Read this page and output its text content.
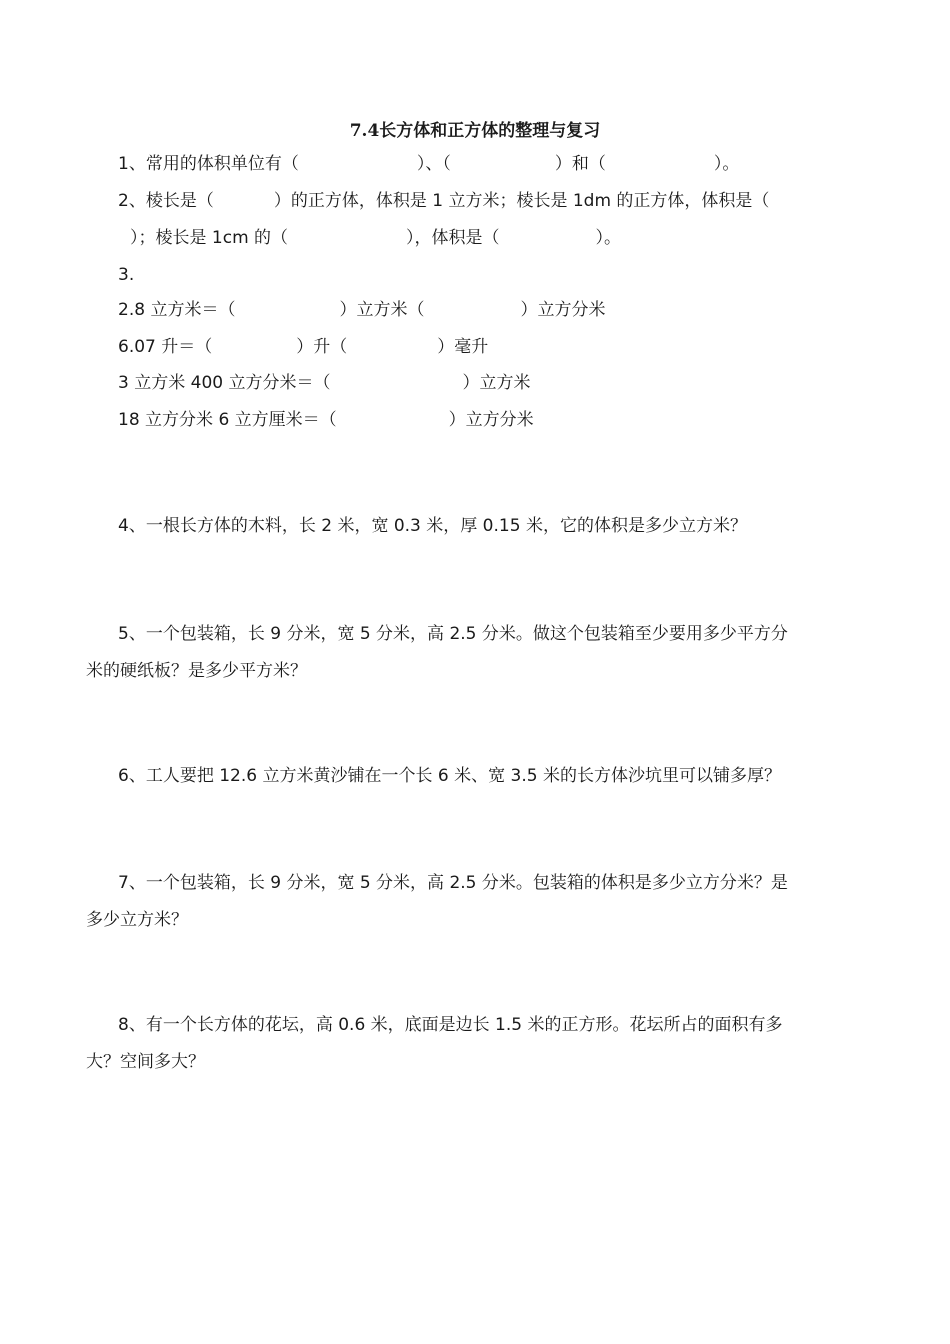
7.4长方体和正方体的整理与复习
1、常用的体积单位有（	）、（	）和（	）。
2、棱长是（	）的正方体，体积是 1 立方米；棱长是 1dm 的正方体，体积是（
）；棱长是 1cm 的（	），体积是（	）。
3.
2.8 立方米＝（	）立方米（	）立方分米
6.07 升＝（	）升（	）毫升
3 立方米 400 立方分米＝（	）立方米
18 立方分米 6 立方厘米＝（	）立方分米
4、一根长方体的木料，长 2 米，宽 0.3 米，厚 0.15 米，它的体积是多少立方米？
5、一个包装箱，长 9 分米，宽 5 分米，高 2.5 分米。做这个包装箱至少要用多少平方分
米的硬纸板？是多少平方米？
6、工人要把 12.6 立方米黄沙铺在一个长 6 米、宽 3.5 米的长方体沙坑里可以铺多厚？
7、一个包装箱，长 9 分米，宽 5 分米，高 2.5 分米。包装箱的体积是多少立方分米？是
多少立方米？
8、有一个长方体的花坛，高 0.6 米，底面是边长 1.5 米的正方形。花坛所占的面积有多
大？空间多大？
